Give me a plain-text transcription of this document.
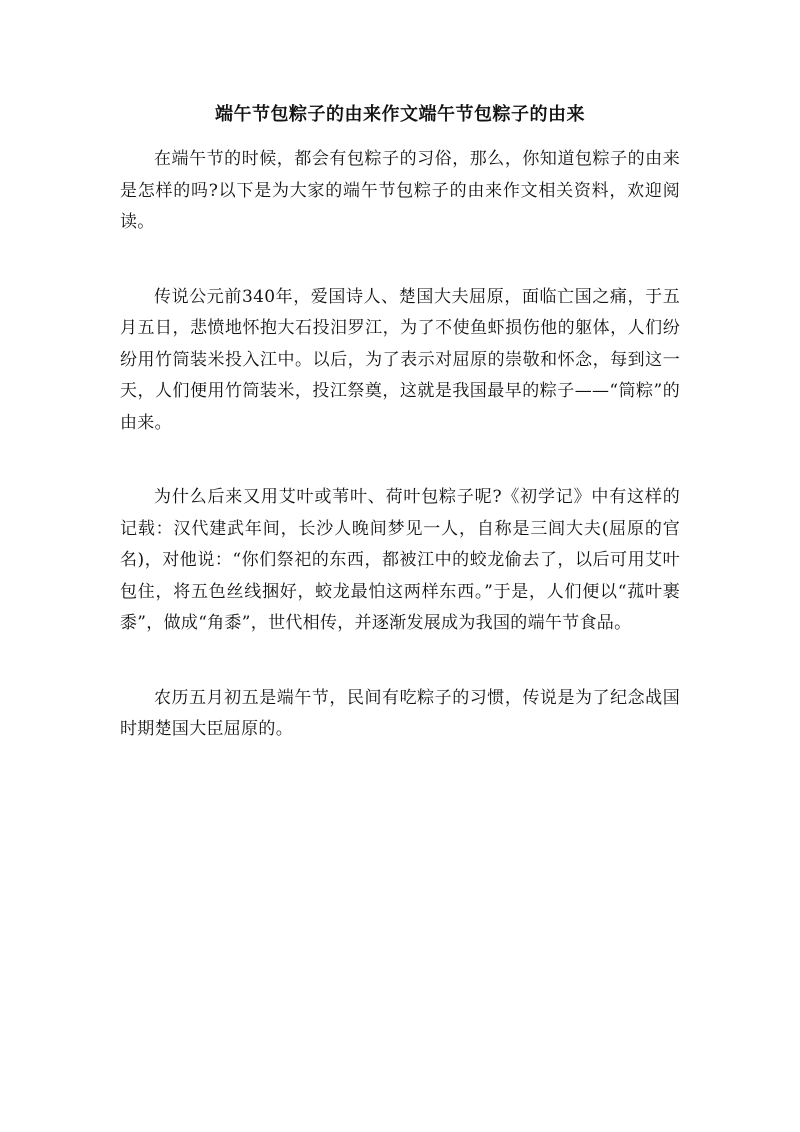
端午节包粽子的由来作文端午节包粽子的由来

在端午节的时候，都会有包粽子的习俗，那么，你知道包粽子的由来是怎样的吗?以下是为大家的端午节包粽子的由来作文相关资料，欢迎阅读。

传说公元前340年，爱国诗人、楚国大夫屈原，面临亡国之痛，于五月五日，悲愤地怀抱大石投汨罗江，为了不使鱼虾损伤他的躯体，人们纷纷用竹筒装米投入江中。以后，为了表示对屈原的崇敬和怀念，每到这一天，人们便用竹筒装米，投江祭奠，这就是我国最早的粽子——“筒粽”的由来。

为什么后来又用艾叶或苇叶、荷叶包粽子呢?《初学记》中有这样的记载：汉代建武年间，长沙人晚间梦见一人，自称是三闾大夫(屈原的官名)，对他说：“你们祭祀的东西，都被江中的蛟龙偷去了，以后可用艾叶包住，将五色丝线捆好，蛟龙最怕这两样东西。”于是，人们便以“菰叶裹黍”，做成“角黍”，世代相传，并逐渐发展成为我国的端午节食品。

农历五月初五是端午节，民间有吃粽子的习惯，传说是为了纪念战国时期楚国大臣屈原的。
